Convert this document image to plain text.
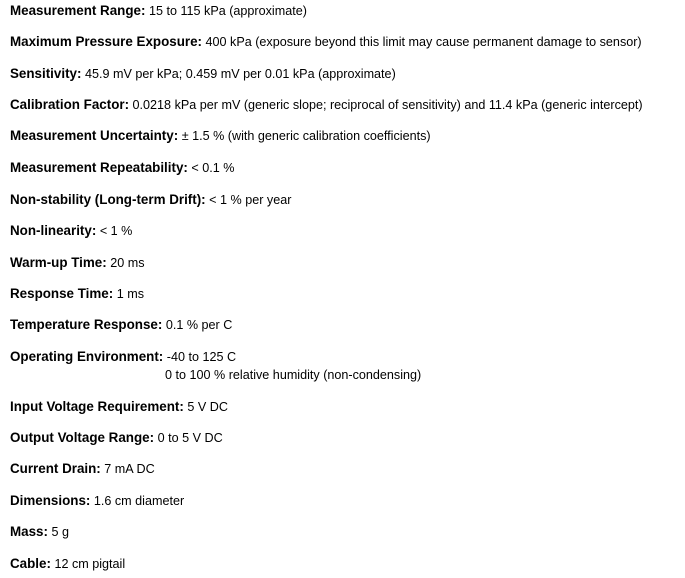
Measurement Range: 15 to 115 kPa (approximate)
Maximum Pressure Exposure: 400 kPa (exposure beyond this limit may cause permanent damage to sensor)
Sensitivity: 45.9 mV per kPa; 0.459 mV per 0.01 kPa (approximate)
Calibration Factor: 0.0218 kPa per mV (generic slope; reciprocal of sensitivity) and 11.4 kPa (generic intercept)
Measurement Uncertainty: ± 1.5 % (with generic calibration coefficients)
Measurement Repeatability: < 0.1 %
Non-stability (Long-term Drift): < 1 % per year
Non-linearity: < 1 %
Warm-up Time: 20 ms
Response Time: 1 ms
Temperature Response: 0.1 % per C
Operating Environment: -40 to 125 C
0 to 100 % relative humidity (non-condensing)
Input Voltage Requirement: 5 V DC
Output Voltage Range: 0 to 5 V DC
Current Drain: 7 mA DC
Dimensions: 1.6 cm diameter
Mass: 5 g
Cable: 12 cm pigtail
